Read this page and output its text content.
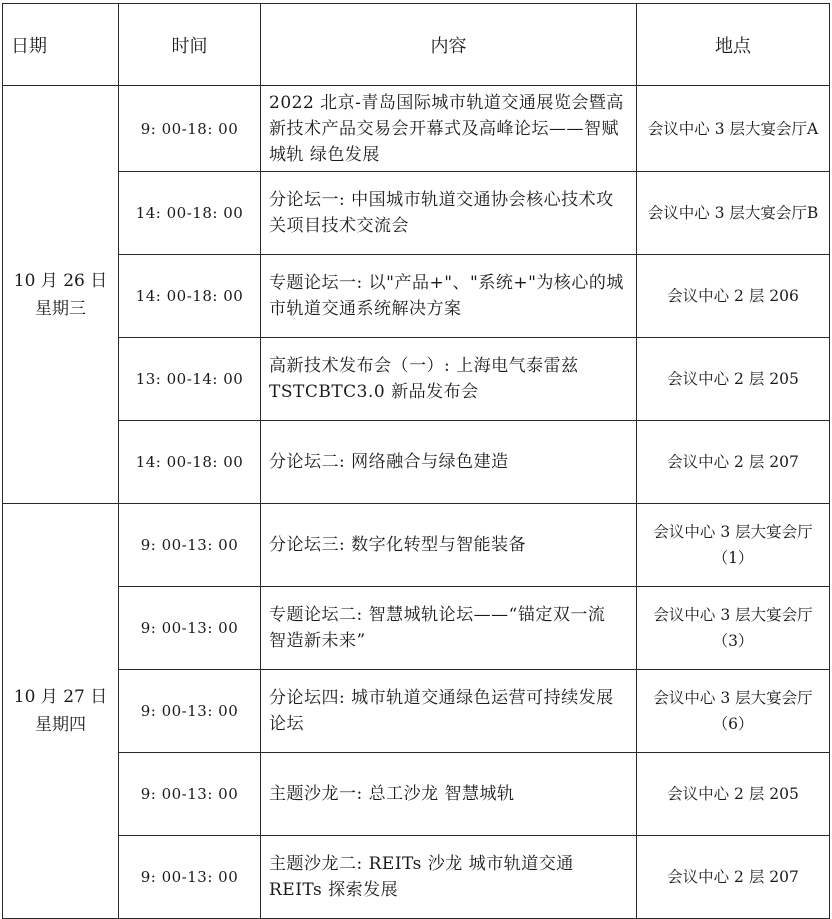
日期	时间	内容	地点

10 月 26 日
星期三	9: 00-18: 00	2022 北京-青岛国际城市轨道交通展览会暨高新技术产品交易会开幕式及高峰论坛——智赋城轨 绿色发展	会议中心 3 层大宴会厅A
	14: 00-18: 00	分论坛一: 中国城市轨道交通协会核心技术攻关项目技术交流会	会议中心 3 层大宴会厅B
	14: 00-18: 00	专题论坛一: 以"产品+"、"系统+"为核心的城市轨道交通系统解决方案	会议中心 2 层 206
	13: 00-14: 00	高新技术发布会（一）: 上海电气泰雷兹 TSTCBTC3.0 新品发布会	会议中心 2 层 205
	14: 00-18: 00	分论坛二: 网络融合与绿色建造	会议中心 2 层 207

10 月 27 日
星期四	9: 00-13: 00	分论坛三: 数字化转型与智能装备	会议中心 3 层大宴会厅（1）
	9: 00-13: 00	专题论坛二: 智慧城轨论坛——“锚定双一流 智造新未来”	会议中心 3 层大宴会厅（3）
	9: 00-13: 00	分论坛四: 城市轨道交通绿色运营可持续发展论坛	会议中心 3 层大宴会厅（6）
	9: 00-13: 00	主题沙龙一: 总工沙龙 智慧城轨	会议中心 2 层 205
	9: 00-13: 00	主题沙龙二: REITs 沙龙 城市轨道交通 REITs 探索发展	会议中心 2 层 207
